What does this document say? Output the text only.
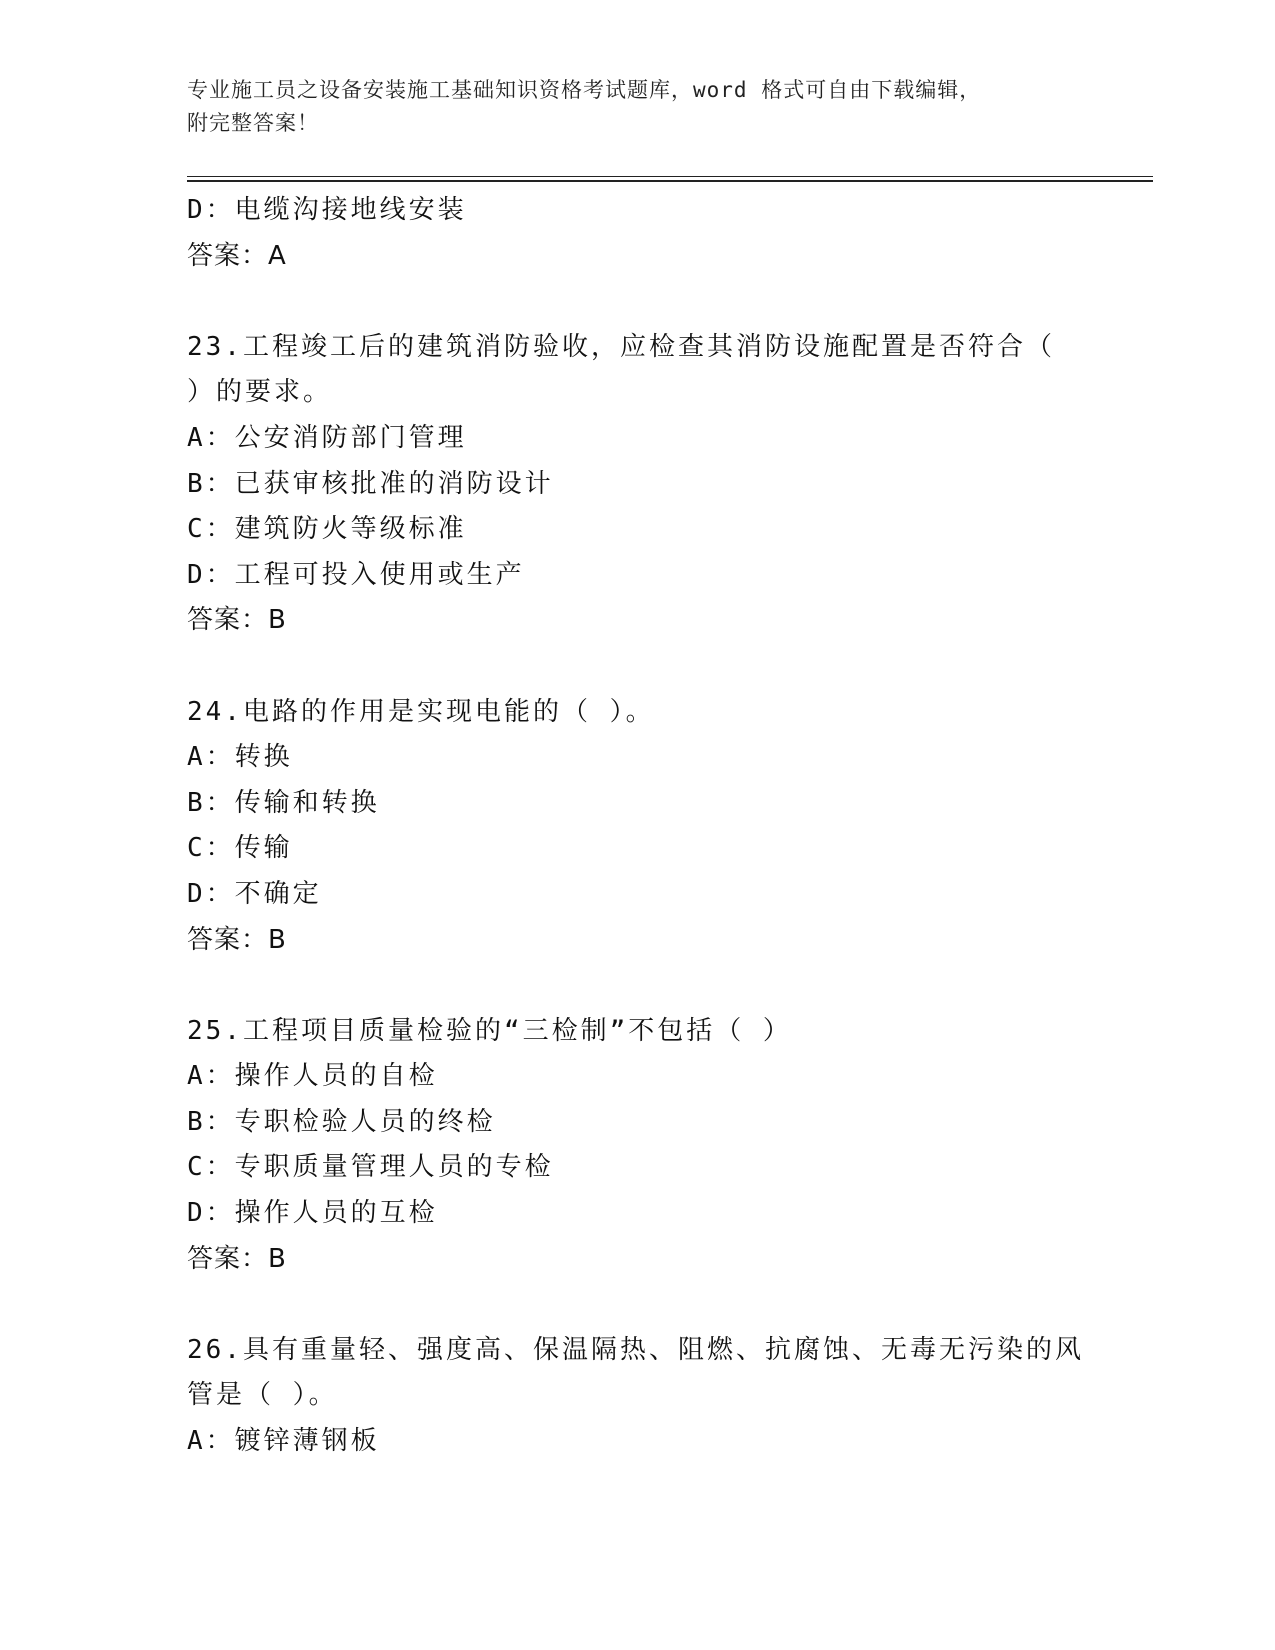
专业施工员之设备安装施工基础知识资格考试题库，word 格式可自由下载编辑，
附完整答案！
D：电缆沟接地线安装
答案：A
23.工程竣工后的建筑消防验收，应检查其消防设施配置是否符合（
）的要求。
A：公安消防部门管理
B：已获审核批准的消防设计
C：建筑防火等级标准
D：工程可投入使用或生产
答案：B
24.电路的作用是实现电能的（ ）。
A：转换
B：传输和转换
C：传输
D：不确定
答案：B
25.工程项目质量检验的“三检制”不包括（ ）
A：操作人员的自检
B：专职检验人员的终检
C：专职质量管理人员的专检
D：操作人员的互检
答案：B
26.具有重量轻、强度高、保温隔热、阻燃、抗腐蚀、无毒无污染的风
管是（ ）。
A：镀锌薄钢板
